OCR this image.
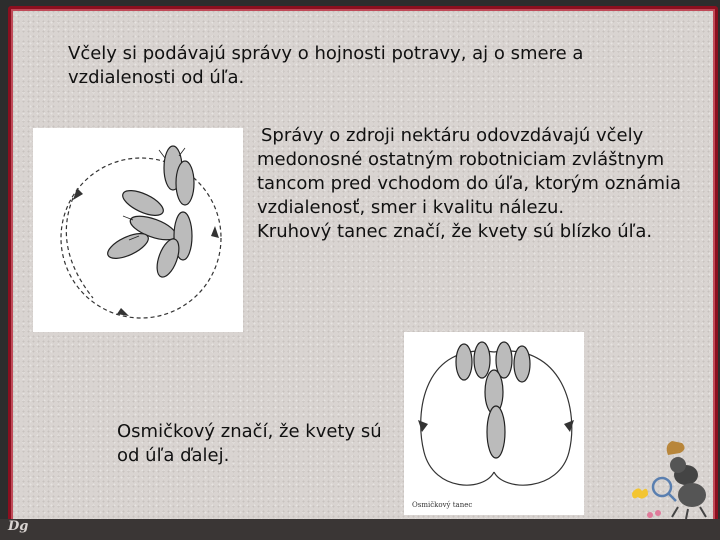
Dg
Včely si podávajú správy o hojnosti potravy, aj o smere a vzdialenosti od úľa.
Správy o zdroji nektáru odovzdávajú včely medonosné ostatným robotniciam zvláštnym tancom pred vchodom do úľa, ktorým oznámia vzdialenosť, smer i kvalitu nálezu.
Kruhový tanec značí, že kvety sú blízko úľa.
Osmičkový značí, že kvety sú od úľa ďalej.
Osmičkový tanec
